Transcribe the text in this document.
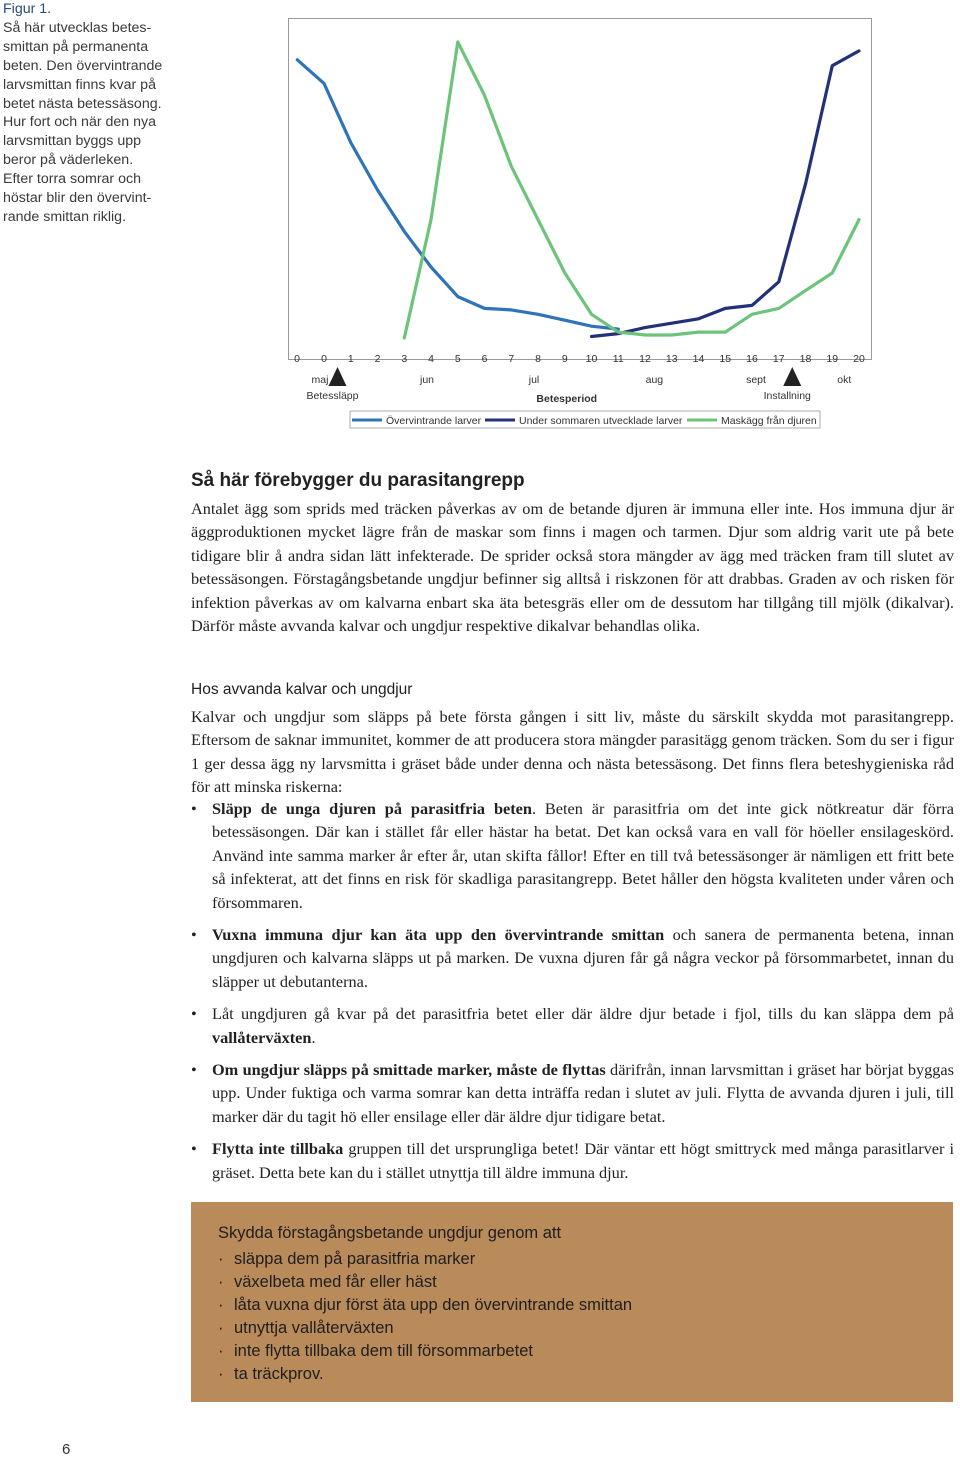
Figur 1.
Så här utvecklas betes-
smittan på permanenta
beten. Den övervintrande
larvsmittan finns kvar på
betet nästa betessäsong.
Hur fort och när den nya
larvsmittan byggs upp
beror på väderleken.
Efter torra somrar och
höstar blir den övervint-
rande smittan riklig.
0 0 1 2 3 4 5 6 7 8 9 10 11 12 13 14 15 16 17 18 19 20
maj	jun	jul	aug	sept	okt
Betessläpp	Installning
Betesperiod
Övervintrande larver	Under sommaren utvecklade larver	Maskägg från djuren
Så här förebygger du parasitangrepp

Antalet ägg som sprids med träcken påverkas av om de betande djuren är immuna eller inte. Hos immuna djur är äggproduktionen mycket lägre från de maskar som finns i magen och tarmen. Djur som aldrig varit ute på bete tidigare blir å andra sidan lätt infekterade. De sprider också stora mängder av ägg med träcken fram till slutet av betessäsongen. Förstagångsbetande ungdjur befinner sig alltså i riskzonen för att drabbas. Graden av och risken för infektion påverkas av om kalvarna enbart ska äta betesgräs eller om de dessutom har tillgång till mjölk (dikalvar). Därför måste avvanda kalvar och ungdjur respektive dikalvar behandlas olika.

Hos avvanda kalvar och ungdjur

Kalvar och ungdjur som släpps på bete första gången i sitt liv, måste du särskilt skydda mot parasitangrepp. Eftersom de saknar immunitet, kommer de att producera stora mängder parasitägg genom träcken. Som du ser i figur 1 ger dessa ägg ny larvsmitta i gräset både under denna och nästa betessäsong. Det finns flera beteshygieniska råd för att minska riskerna:

• Släpp de unga djuren på parasitfria beten. Beten är parasitfria om det inte gick nötkreatur där förra betessäsongen. Där kan i stället får eller hästar ha betat. Det kan också vara en vall för höeller ensilageskörd. Använd inte samma marker år efter år, utan skifta fållor! Efter en till två betessäsonger är nämligen ett fritt bete så infekterat, att det finns en risk för skadliga parasitangrepp. Betet håller den högsta kvaliteten under våren och försommaren.
• Vuxna immuna djur kan äta upp den övervintrande smittan och sanera de permanenta betena, innan ungdjuren och kalvarna släpps ut på marken. De vuxna djuren får gå några veckor på försommarbetet, innan du släpper ut debutanterna.
• Låt ungdjuren gå kvar på det parasitfria betet eller där äldre djur betade i fjol, tills du kan släppa dem på vallåterväxten.
• Om ungdjur släpps på smittade marker, måste de flyttas därifrån, innan larvsmittan i gräset har börjat byggas upp. Under fuktiga och varma somrar kan detta inträffa redan i slutet av juli. Flytta de avvanda djuren i juli, till marker där du tagit hö eller ensilage eller där äldre djur tidigare betat.
• Flytta inte tillbaka gruppen till det ursprungliga betet! Där väntar ett högt smittryck med många parasitlarver i gräset. Detta bete kan du i stället utnyttja till äldre immuna djur.

Skydda förstagångsbetande ungdjur genom att

· släppa dem på parasitfria marker
· växelbeta med får eller häst
· låta vuxna djur först äta upp den övervintrande smittan
· utnyttja vallåterväxten
· inte flytta tillbaka dem till försommarbetet
· ta träckprov.
6
